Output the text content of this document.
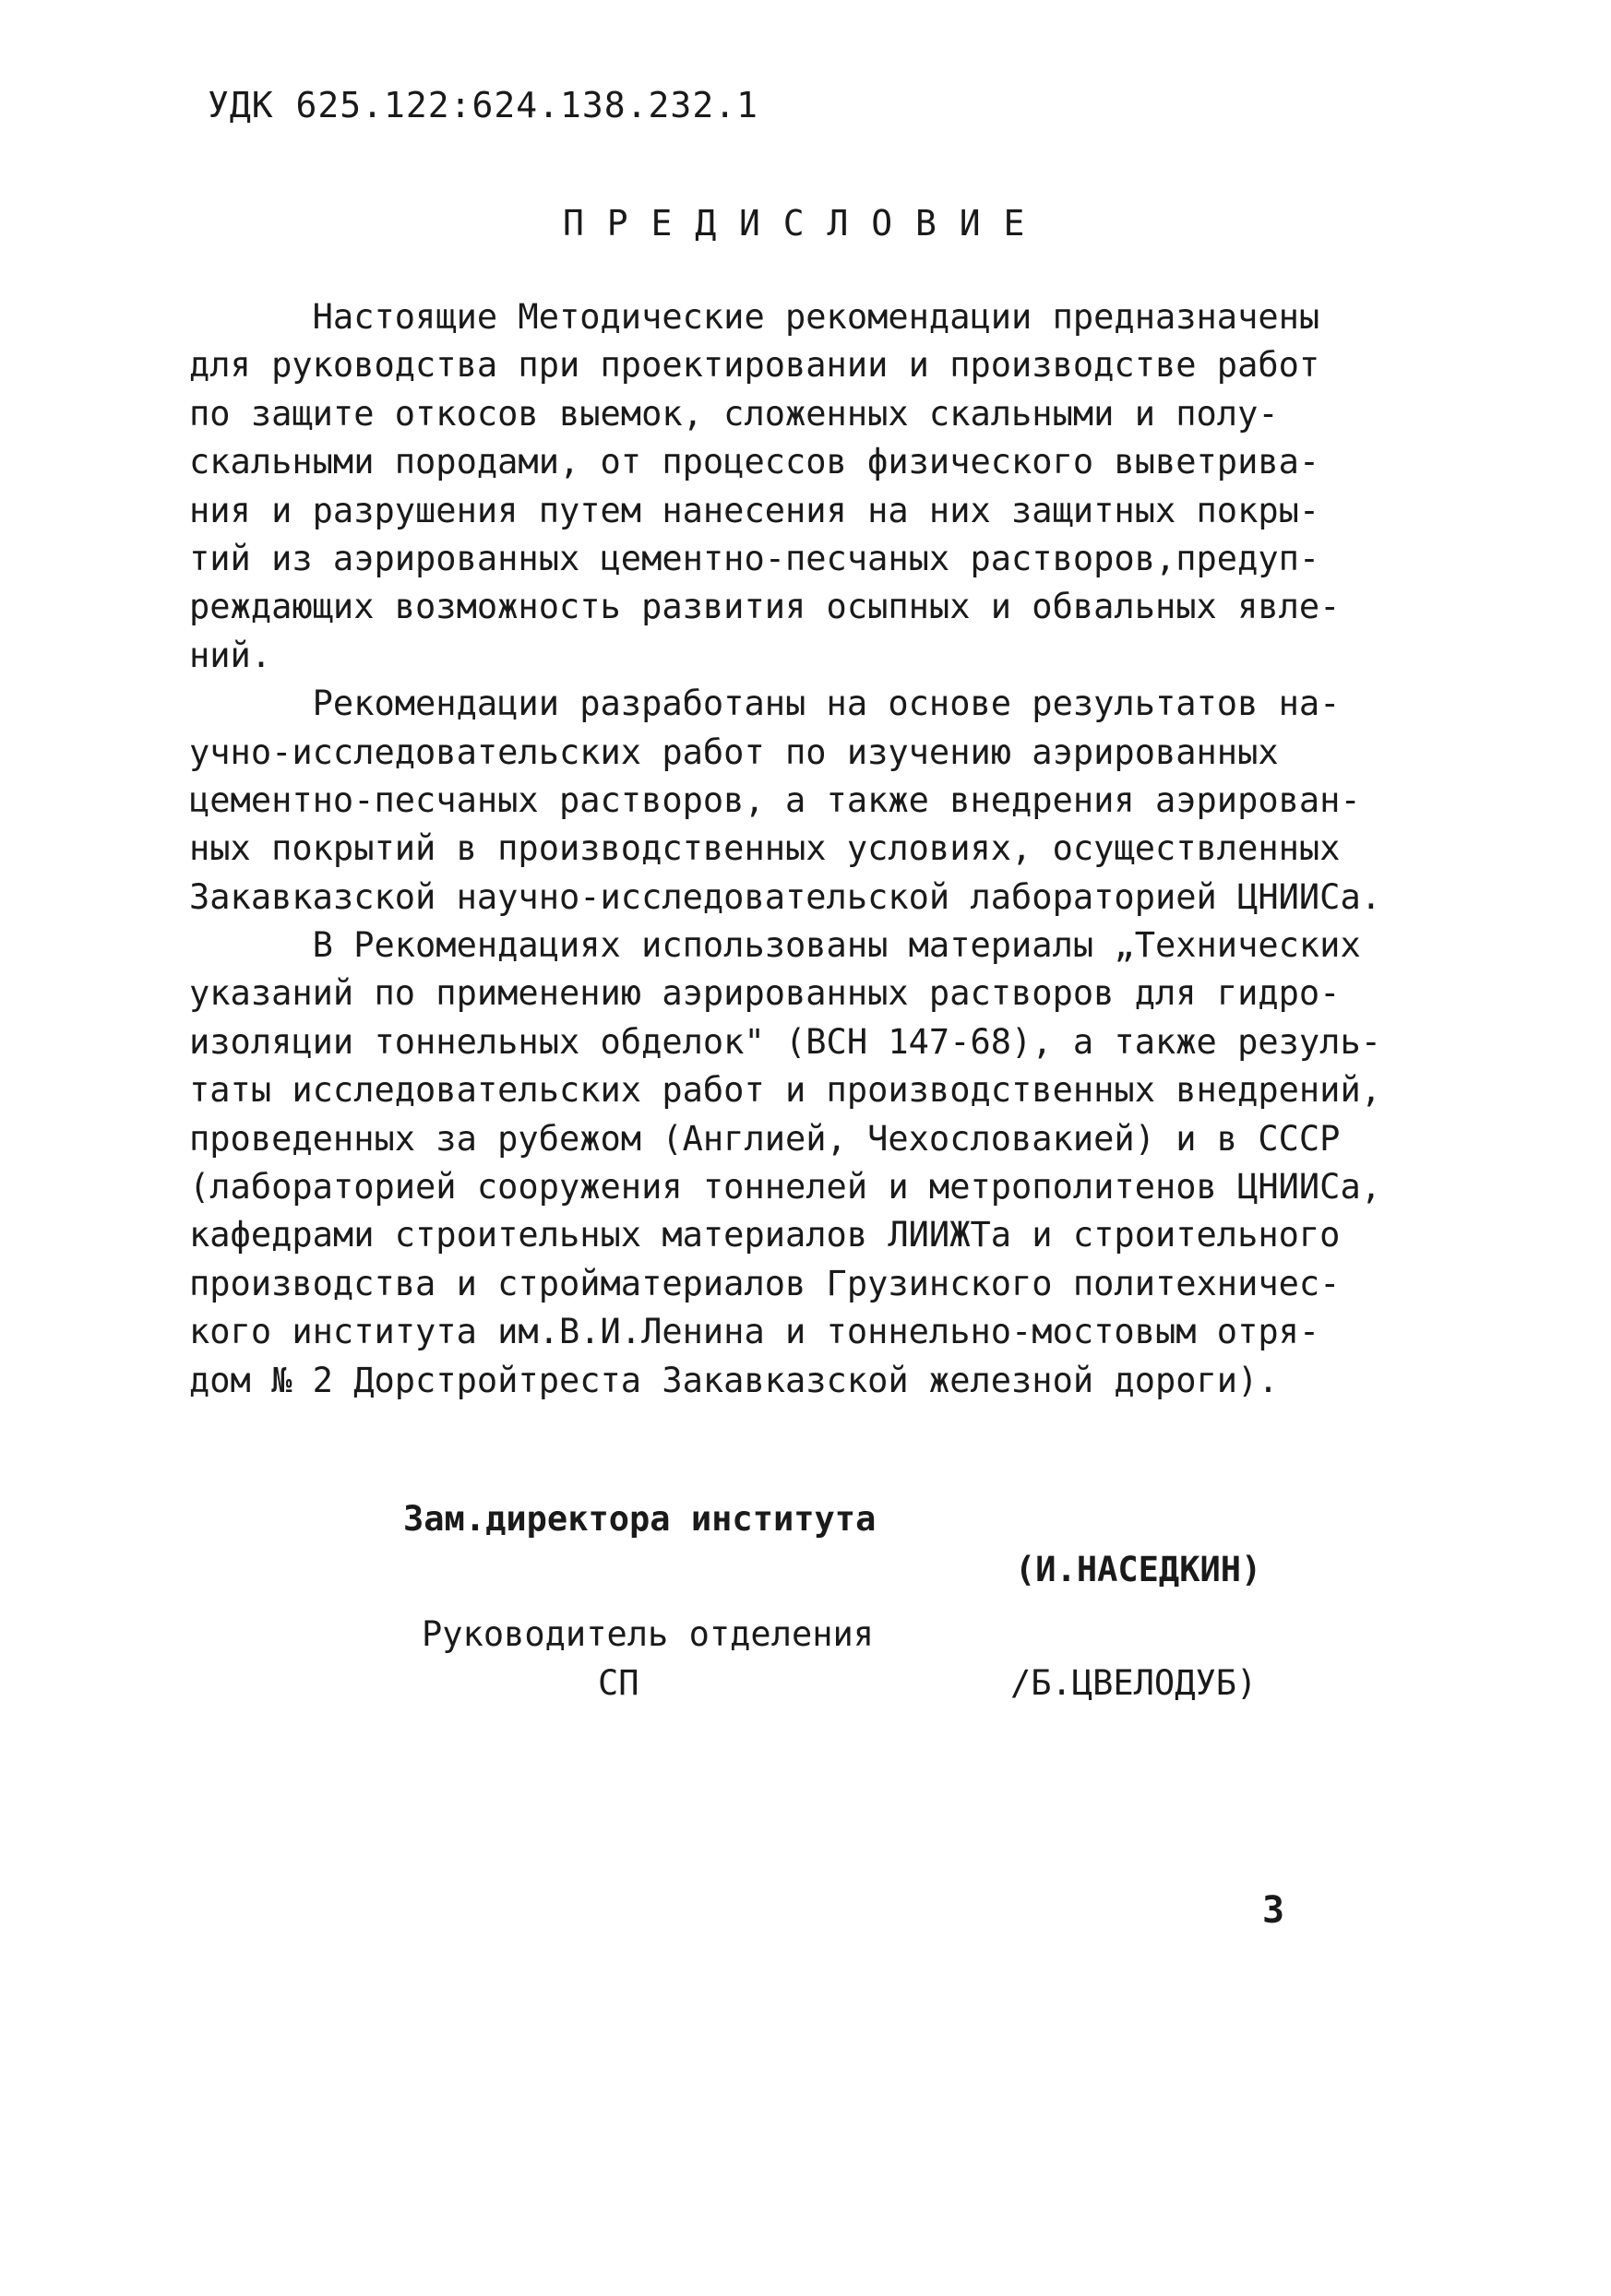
УДК 625.122:624.138.232.1
П Р Е Д И С Л О В И Е
Настоящие Методические рекомендации предназначены
для руководства при проектировании и производстве работ
по защите откосов выемок, сложенных скальными и полу-
скальными породами, от процессов физического выветрива-
ния и разрушения путем нанесения на них защитных покры-
тий из аэрированных цементно-песчаных растворов,предуп-
реждающих возможность развития осыпных и обвальных явле-
ний.
Рекомендации разработаны на основе результатов на-
учно-исследовательских работ по изучению аэрированных
цементно-песчаных растворов, а также внедрения аэрирован-
ных покрытий в производственных условиях, осуществленных
Закавказской научно-исследовательской лабораторией ЦНИИСа.
В Рекомендациях использованы материалы „Технических
указаний по применению аэрированных растворов для гидро-
изоляции тоннельных обделок" (ВСН 147-68), а также резуль-
таты исследовательских работ и производственных внедрений,
проведенных за рубежом (Англией, Чехословакией) и в СССР
(лабораторией сооружения тоннелей и метрополитенов ЦНИИСа,
кафедрами строительных материалов ЛИИЖТа и строительного
производства и стройматериалов Грузинского политехничес-
кого института им.В.И.Ленина и тоннельно-мостовым отря-
дом № 2 Дорстройтреста Закавказской железной дороги).
Зам.директора института
(И.НАСЕДКИН)
Руководитель отделения
СП	/Б.ЦВЕЛОДУБ)
3
